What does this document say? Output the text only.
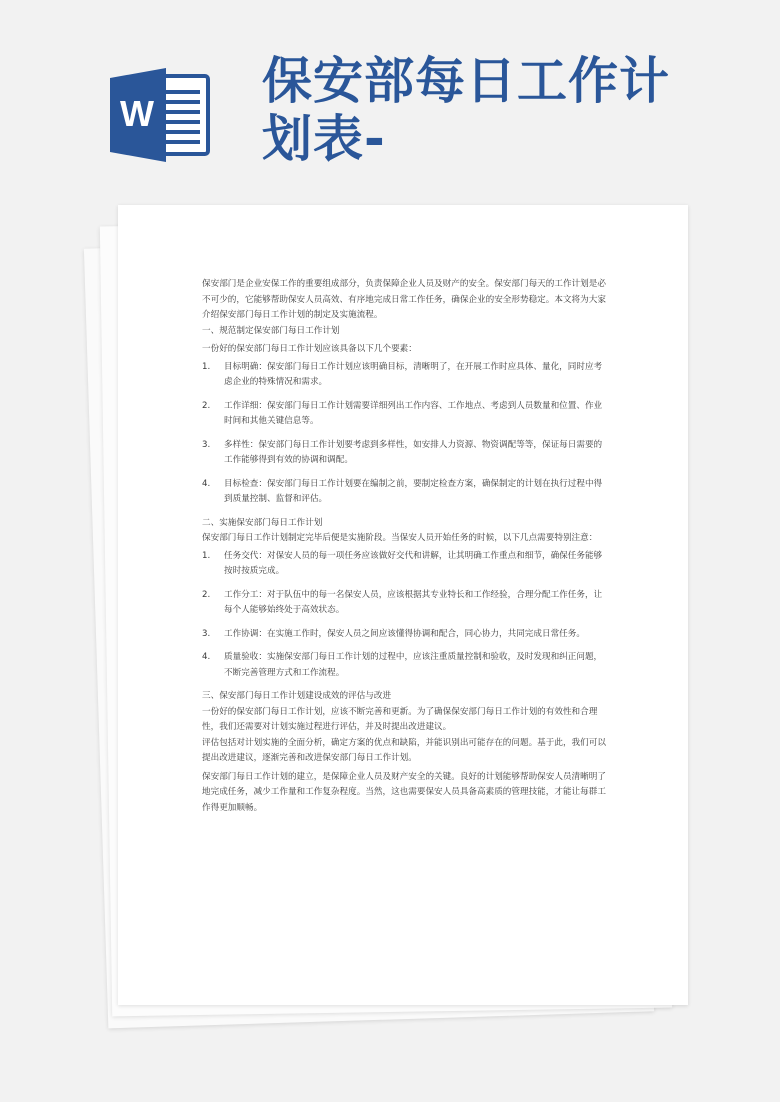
W
保安部每日工作计
划表-

保安部门是企业安保工作的重要组成部分，负责保障企业人员及财产的安全。保安部门每天的工作计划是必不可少的，它能够帮助保安人员高效、有序地完成日常工作任务，确保企业的安全形势稳定。本文将为大家介绍保安部门每日工作计划的制定及实施流程。

一、规范制定保安部门每日工作计划

一份好的保安部门每日工作计划应该具备以下几个要素：

1. 目标明确：保安部门每日工作计划应该明确目标，清晰明了，在开展工作时应具体、量化，同时应考虑企业的特殊情况和需求。
2. 工作详细：保安部门每日工作计划需要详细列出工作内容、工作地点、考虑到人员数量和位置、作业时间和其他关键信息等。
3. 多样性：保安部门每日工作计划要考虑到多样性，如安排人力资源、物资调配等等，保证每日需要的工作能够得到有效的协调和调配。
4. 目标检查：保安部门每日工作计划要在编制之前，要制定检查方案，确保制定的计划在执行过程中得到质量控制、监督和评估。

二、实施保安部门每日工作计划

保安部门每日工作计划制定完毕后便是实施阶段。当保安人员开始任务的时候，以下几点需要特别注意：

1. 任务交代：对保安人员的每一项任务应该做好交代和讲解，让其明确工作重点和细节，确保任务能够按时按质完成。
2. 工作分工：对于队伍中的每一名保安人员，应该根据其专业特长和工作经验，合理分配工作任务，让每个人能够始终处于高效状态。
3. 工作协调：在实施工作时，保安人员之间应该懂得协调和配合，同心协力，共同完成日常任务。
4. 质量验收：实施保安部门每日工作计划的过程中，应该注重质量控制和验收，及时发现和纠正问题，不断完善管理方式和工作流程。

三、保安部门每日工作计划建设成效的评估与改进

一份好的保安部门每日工作计划，应该不断完善和更新。为了确保保安部门每日工作计划的有效性和合理性，我们还需要对计划实施过程进行评估，并及时提出改进建议。

评估包括对计划实施的全面分析，确定方案的优点和缺陷，并能识别出可能存在的问题。基于此，我们可以提出改进建议，逐渐完善和改进保安部门每日工作计划。

保安部门每日工作计划的建立，是保障企业人员及财产安全的关键。良好的计划能够帮助保安人员清晰明了地完成任务，减少工作量和工作复杂程度。当然，这也需要保安人员具备高素质的管理技能，才能让每群工作得更加顺畅。
